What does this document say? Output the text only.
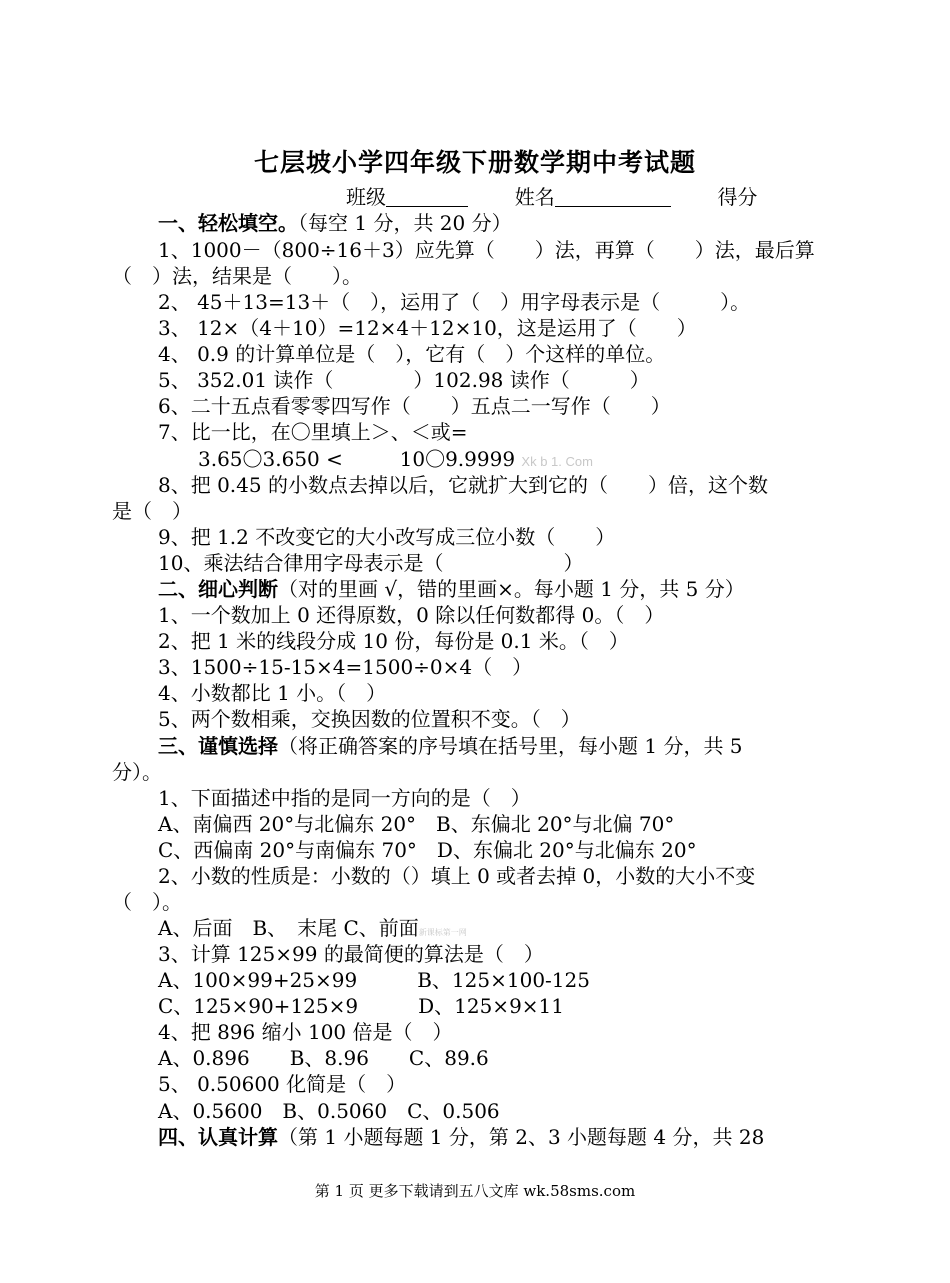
七层坡小学四年级下册数学期中考试题
班级	姓名	得分
一、轻松填空。（每空 1 分，共 20 分）
1、1000－（800÷16＋3）应先算（　　）法，再算（　　）法，最后算
（　）法，结果是（　　）。
2、 45＋13=13＋（　），运用了（　）用字母表示是（　　　）。
3、 12×（4＋10）=12×4＋12×10，这是运用了（　　）
4、 0.9 的计算单位是（　），它有（　）个这样的单位。
5、 352.01 读作（　　　　）102.98 读作（　　　）
6、二十五点看零零四写作（　　）五点二一写作（　　）
7、比一比，在〇里填上＞、＜或=
3.65〇3.650 <	10〇9.9999 Xk b 1. Com
8、把 0.45 的小数点去掉以后，它就扩大到它的（　　）倍，这个数
是（　）
9、把 1.2 不改变它的大小改写成三位小数（　　）
10、乘法结合律用字母表示是（　　　　　　）
二、细心判断（对的里画 √，错的里画×。每小题 1 分，共 5 分）
1、一个数加上 0 还得原数，0 除以任何数都得 0。（　）
2、把 1 米的线段分成 10 份，每份是 0.1 米。（　）
3、1500÷15-15×4=1500÷0×4（　）
4、小数都比 1 小。（　）
5、两个数相乘，交换因数的位置积不变。（　）
三、谨慎选择（将正确答案的序号填在括号里，每小题 1 分，共 5
分）。
1、下面描述中指的是同一方向的是（　）
A、南偏西 20°与北偏东 20°　B、东偏北 20°与北偏 70°
C、西偏南 20°与南偏东 70°　D、东偏北 20°与北偏东 20°
2、小数的性质是：小数的（）填上 0 或者去掉 0，小数的大小不变
（　）。
A、后面　B、　末尾 C、前面新课标第一网
3、计算 125×99 的最简便的算法是（　）
A、100×99+25×99　　　B、125×100-125
C、125×90+125×9　　　D、125×9×11
4、把 896 缩小 100 倍是（　）
A、0.896　　B、8.96　　C、89.6
5、 0.50600 化简是（　）
A、0.5600　B、0.5060　C、0.506
四、认真计算（第 1 小题每题 1 分，第 2、3 小题每题 4 分，共 28
第 1 页 更多下载请到五八文库 wk.58sms.com
